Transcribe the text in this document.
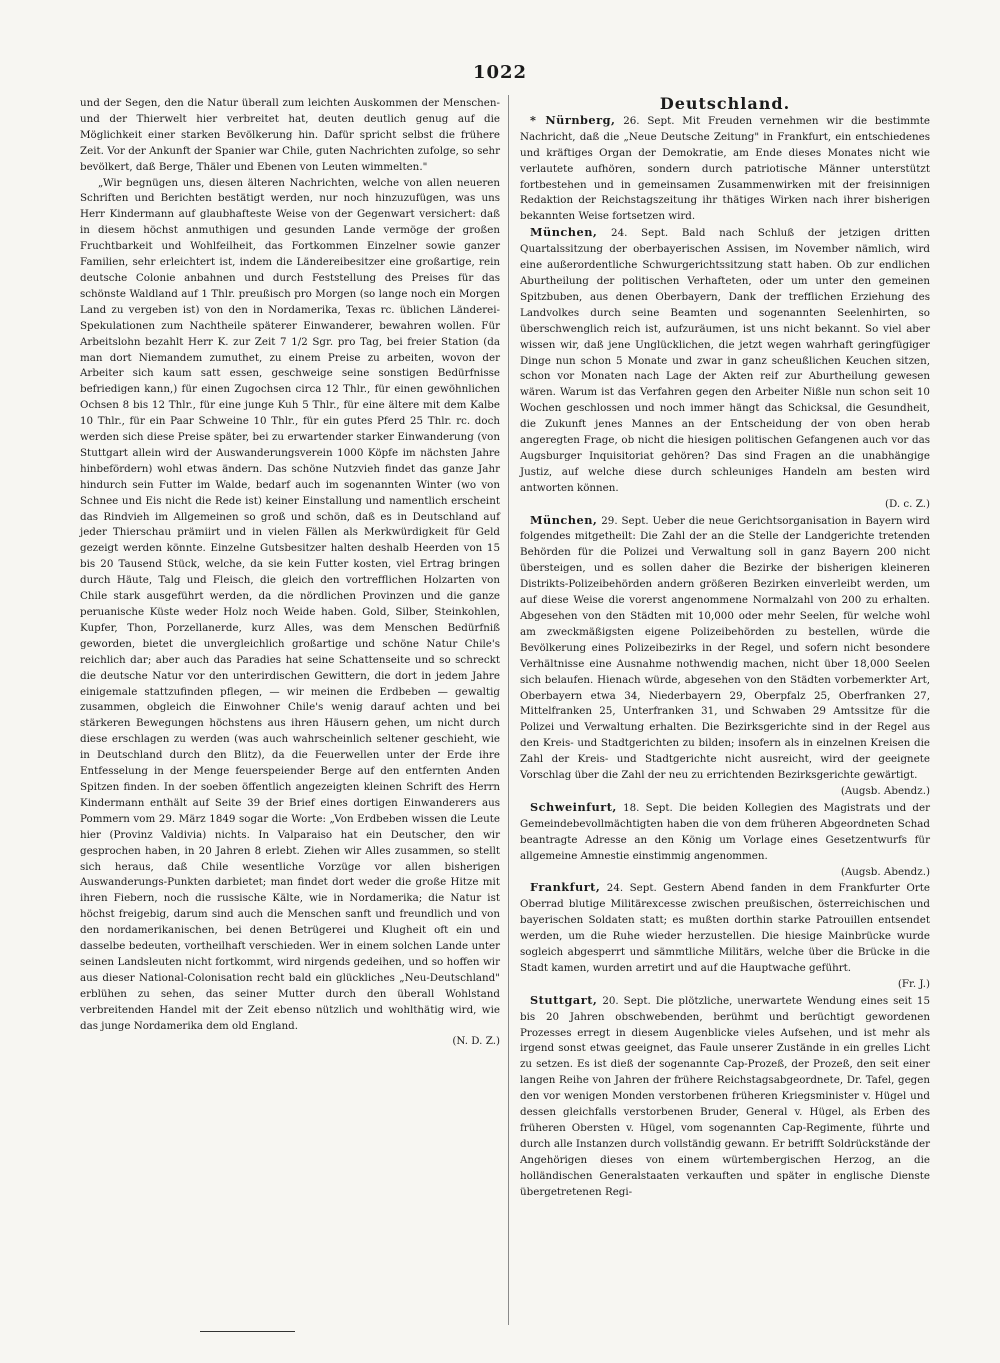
1022

und der Segen, den die Natur überall zum leichten Auskommen der Menschen- und der Thierwelt hier verbreitet hat, deuten deutlich genug auf die Möglichkeit einer starken Bevölkerung hin. Dafür spricht selbst die frühere Zeit. Vor der Ankunft der Spanier war Chile, guten Nachrichten zufolge, so sehr bevölkert, daß Berge, Thäler und Ebenen von Leuten wimmelten."

„Wir begnügen uns, diesen älteren Nachrichten, welche von allen neueren Schriften und Berichten bestätigt werden, nur noch hinzuzufügen, was uns Herr Kindermann auf glaubhaftestе Weise von der Gegenwart versichert: daß in diesem höchst anmuthigen und gesunden Lande vermöge der großen Fruchtbarkeit und Wohlfeilheit, das Fortkommen Einzelner sowie ganzer Familien, sehr erleichtert ist, indem die Ländereibesitzer eine großartige, rein deutsche Colonie anbahnen und durch Feststellung des Preises für das schönste Waldland auf 1 Thlr. preußisch pro Morgen (so lange noch ein Morgen Land zu vergeben ist) von den in Nordamerika, Texas rc. üblichen Länderei-Spekulationen zum Nachtheile späterer Einwanderer, bewahren wollen. Für Arbeitslohn bezahlt Herr K. zur Zeit 7 1/2 Sgr. pro Tag, bei freier Station (da man dort Niemandem zumuthet, zu einem Preise zu arbeiten, wovon der Arbeiter sich kaum satt essen, geschweige seine sonstigen Bedürfnisse befriedigen kann,) für einen Zugochsen circa 12 Thlr., für einen gewöhnlichen Ochsen 8 bis 12 Thlr., für eine junge Kuh 5 Thlr., für eine ältere mit dem Kalbe 10 Thlr., für ein Paar Schweine 10 Thlr., für ein gutes Pferd 25 Thlr. rc. doch werden sich diese Preise später, bei zu erwartender starker Einwanderung (von Stuttgart allein wird der Auswanderungsverein 1000 Köpfe im nächsten Jahre hinbefördern) wohl etwas ändern. Das schöne Nutzvieh findet das ganze Jahr hindurch sein Futter im Walde, bedarf auch im sogenannten Winter (wo von Schnee und Eis nicht die Rede ist) keiner Einstallung und namentlich erscheint das Rindvieh im Allgemeinen so groß und schön, daß es in Deutschland auf jeder Thierschau prämiirt und in vielen Fällen als Merkwürdigkeit für Geld gezeigt werden könnte. Einzelne Gutsbesitzer halten deshalb Heerden von 15 bis 20 Tausend Stück, welche, da sie kein Futter kosten, viel Ertrag bringen durch Häute, Talg und Fleisch, die gleich den vortrefflichen Holzarten von Chile stark ausgeführt werden, da die nördlichen Provinzen und die ganze peruanische Küste weder Holz noch Weide haben. Gold, Silber, Steinkohlen, Kupfer, Thon, Porzellanerde, kurz Alles, was dem Menschen Bedürfniß geworden, bietet die unvergleichlich großartige und schöne Natur Chile's reichlich dar; aber auch das Paradies hat seine Schattenseite und so schreckt die deutsche Natur vor den unterirdischen Gewittern, die dort in jedem Jahre einigemale stattzufinden pflegen, — wir meinen die Erdbeben — gewaltig zusammen, obgleich die Einwohner Chile's wenig darauf achten und bei stärkeren Bewegungen höchstens aus ihren Häusern gehen, um nicht durch diese erschlagen zu werden (was auch wahrscheinlich seltener geschieht, wie in Deutschland durch den Blitz), da die Feuerwellen unter der Erde ihre Entfesselung in der Menge feuerspeiender Berge auf den entfernten Anden Spitzen finden. In der soeben öffentlich angezeigten kleinen Schrift des Herrn Kindermann enthält auf Seite 39 der Brief eines dortigen Einwanderers aus Pommern vom 29. März 1849 sogar die Worte: „Von Erdbeben wissen die Leute hier (Provinz Valdivia) nichts. In Valparaiso hat ein Deutscher, den wir gesprochen haben, in 20 Jahren 8 erlebt. Ziehen wir Alles zusammen, so stellt sich heraus, daß Chile wesentliche Vorzüge vor allen bisherigen Auswanderungs-Punkten darbietet; man findet dort weder die große Hitze mit ihren Fiebern, noch die russische Kälte, wie in Nordamerika; die Natur ist höchst freigebig, darum sind auch die Menschen sanft und freundlich und von den nordamerikanischen, bei denen Betrügerei und Klugheit oft ein und dasselbe bedeuten, vortheilhaft verschieden. Wer in einem solchen Lande unter seinen Landsleuten nicht fortkommt, wird nirgends gedeihen, und so hoffen wir aus dieser National-Colonisation recht bald ein glückliches „Neu-Deutschland" erblühen zu sehen, das seiner Mutter durch den überall Wohlstand verbreitenden Handel mit der Zeit ebenso nützlich und wohlthätig wird, wie das junge Nordamerika dem old England.

(N. D. Z.)
Deutschland.

* Nürnberg, 26. Sept. Mit Freuden vernehmen wir die bestimmte Nachricht, daß die „Neue Deutsche Zeitung" in Frankfurt, ein entschiedenes und kräftiges Organ der Demokratie, am Ende dieses Monates nicht wie verlautete aufhören, sondern durch patriotische Männer unterstützt fortbestehen und in gemeinsamen Zusammenwirken mit der freisinnigen Redaktion der Reichstagszeitung ihr thätiges Wirken nach ihrer bisherigen bekannten Weise fortsetzen wird.

München, 24. Sept. Bald nach Schluß der jetzigen dritten Quartalssitzung der oberbayerischen Assisen, im November nämlich, wird eine außerordentliche Schwurgerichtssitzung statt haben. Ob zur endlichen Aburtheilung der politischen Verhafteten, oder um unter den gemeinen Spitzbuben, aus denen Oberbayern, Dank der trefflichen Erziehung des Landvolkes durch seine Beamten und sogenannten Seelenhirten, so überschwenglich reich ist, aufzuräumen, ist uns nicht bekannt. So viel aber wissen wir, daß jene Unglücklichen, die jetzt wegen wahrhaft geringfügiger Dinge nun schon 5 Monate und zwar in ganz scheußlichen Keuchen sitzen, schon vor Monaten nach Lage der Akten reif zur Aburtheilung gewesen wären. Warum ist das Verfahren gegen den Arbeiter Nißle nun schon seit 10 Wochen geschlossen und noch immer hängt das Schicksal, die Gesundheit, die Zukunft jenes Mannes an der Entscheidung der von oben herab angeregten Frage, ob nicht die hiesigen politischen Gefangenen auch vor das Augsburger Inquisitoriat gehören? Das sind Fragen an die unabhängige Justiz, auf welche diese durch schleuniges Handeln am besten wird antworten können.
(D. c. Z.)

München, 29. Sept. Ueber die neue Gerichtsorganisation in Bayern wird folgendes mitgetheilt: Die Zahl der an die Stelle der Landgerichte tretenden Behörden für die Polizei und Verwaltung soll in ganz Bayern 200 nicht übersteigen, und es sollen daher die Bezirke der bisherigen kleineren Distrikts-Polizeibehörden andern größeren Bezirken einverleibt werden, um auf diese Weise die vorerst angenommene Normalzahl von 200 zu erhalten. Abgesehen von den Städten mit 10,000 oder mehr Seelen, für welche wohl am zweckmäßigsten eigene Polizeibehörden zu bestellen, würde die Bevölkerung eines Polizeibezirks in der Regel, und sofern nicht besondere Verhältnisse eine Ausnahme nothwendig machen, nicht über 18,000 Seelen sich belaufen. Hienach würde, abgesehen von den Städten vorbemerkter Art, Oberbayern etwa 34, Niederbayern 29, Oberpfalz 25, Oberfranken 27, Mittelfranken 25, Unterfranken 31, und Schwaben 29 Amtssitze für die Polizei und Verwaltung erhalten. Die Bezirksgerichte sind in der Regel aus den Kreis- und Stadtgerichten zu bilden; insofern als in einzelnen Kreisen die Zahl der Kreis- und Stadtgerichte nicht ausreicht, wird der geeignete Vorschlag über die Zahl der neu zu errichtenden Bezirksgerichte gewärtigt.
(Augsb. Abendz.)

Schweinfurt, 18. Sept. Die beiden Kollegien des Magistrats und der Gemeindebevollmächtigten haben die von dem früheren Abgeordneten Schad beantragte Adresse an den König um Vorlage eines Gesetzentwurfs für allgemeine Amnestie einstimmig angenommen.
(Augsb. Abendz.)

Frankfurt, 24. Sept. Gestern Abend fanden in dem Frankfurter Orte Oberrad blutige Militärexcesse zwischen preußischen, österreichischen und bayerischen Soldaten statt; es mußten dorthin starke Patrouillen entsendet werden, um die Ruhe wieder herzustellen. Die hiesige Mainbrücke wurde sogleich abgesperrt und sämmtliche Militärs, welche über die Brücke in die Stadt kamen, wurden arretirt und auf die Hauptwache geführt.
(Fr. J.)

Stuttgart, 20. Sept. Die plötzliche, unerwartete Wendung eines seit 15 bis 20 Jahren obschwebenden, berühmt und berüchtigt gewordenen Prozesses erregt in diesem Augenblicke vieles Aufsehen, und ist mehr als irgend sonst etwas geeignet, das Faule unserer Zustände in ein grelles Licht zu setzen. Es ist dieß der sogenannte Cap-Prozeß, der Prozeß, den seit einer langen Reihe von Jahren der frühere Reichstagsabgeordnete, Dr. Tafel, gegen den vor wenigen Monden verstorbenen früheren Kriegsminister v. Hügel und dessen gleichfalls verstorbenen Bruder, General v. Hügel, als Erben des früheren Obersten v. Hügel, vom sogenannten Cap-Regimente, führte und durch alle Instanzen durch vollständig gewann. Er betrifft Soldrückstände der Angehörigen dieses von einem würtembergischen Herzog, an die holländischen Generalstaaten verkauften und später in englische Dienste übergetretenen Regi-
